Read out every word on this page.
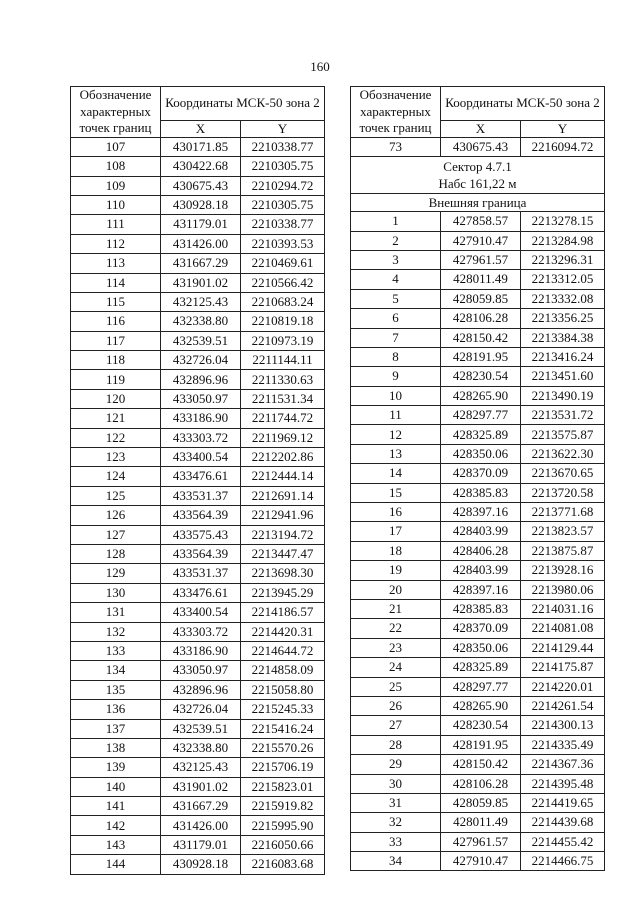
160
Обозначение характерных точек границ	Координаты МСК-50 зона 2	

	X	Y
107	430171.85	2210338.77
108	430422.68	2210305.75
109	430675.43	2210294.72
110	430928.18	2210305.75
111	431179.01	2210338.77
112	431426.00	2210393.53
113	431667.29	2210469.61
114	431901.02	2210566.42
115	432125.43	2210683.24
116	432338.80	2210819.18
117	432539.51	2210973.19
118	432726.04	2211144.11
119	432896.96	2211330.63
120	433050.97	2211531.34
121	433186.90	2211744.72
122	433303.72	2211969.12
123	433400.54	2212202.86
124	433476.61	2212444.14
125	433531.37	2212691.14
126	433564.39	2212941.96
127	433575.43	2213194.72
128	433564.39	2213447.47
129	433531.37	2213698.30
130	433476.61	2213945.29
131	433400.54	2214186.57
132	433303.72	2214420.31
133	433186.90	2214644.72
134	433050.97	2214858.09
135	432896.96	2215058.80
136	432726.04	2215245.33
137	432539.51	2215416.24
138	432338.80	2215570.26
139	432125.43	2215706.19
140	431901.02	2215823.01
141	431667.29	2215919.82
142	431426.00	2215995.90
143	431179.01	2216050.66
144	430928.18	2216083.68
Обозначение характерных точек границ	Координаты МСК-50 зона 2	

	X	Y
73	430675.43	2216094.72

Сектор 4.7.1
Набс 161,22 м		

Внешняя граница		
1	427858.57	2213278.15
2	427910.47	2213284.98
3	427961.57	2213296.31
4	428011.49	2213312.05
5	428059.85	2213332.08
6	428106.28	2213356.25
7	428150.42	2213384.38
8	428191.95	2213416.24
9	428230.54	2213451.60
10	428265.90	2213490.19
11	428297.77	2213531.72
12	428325.89	2213575.87
13	428350.06	2213622.30
14	428370.09	2213670.65
15	428385.83	2213720.58
16	428397.16	2213771.68
17	428403.99	2213823.57
18	428406.28	2213875.87
19	428403.99	2213928.16
20	428397.16	2213980.06
21	428385.83	2214031.16
22	428370.09	2214081.08
23	428350.06	2214129.44
24	428325.89	2214175.87
25	428297.77	2214220.01
26	428265.90	2214261.54
27	428230.54	2214300.13
28	428191.95	2214335.49
29	428150.42	2214367.36
30	428106.28	2214395.48
31	428059.85	2214419.65
32	428011.49	2214439.68
33	427961.57	2214455.42
34	427910.47	2214466.75
